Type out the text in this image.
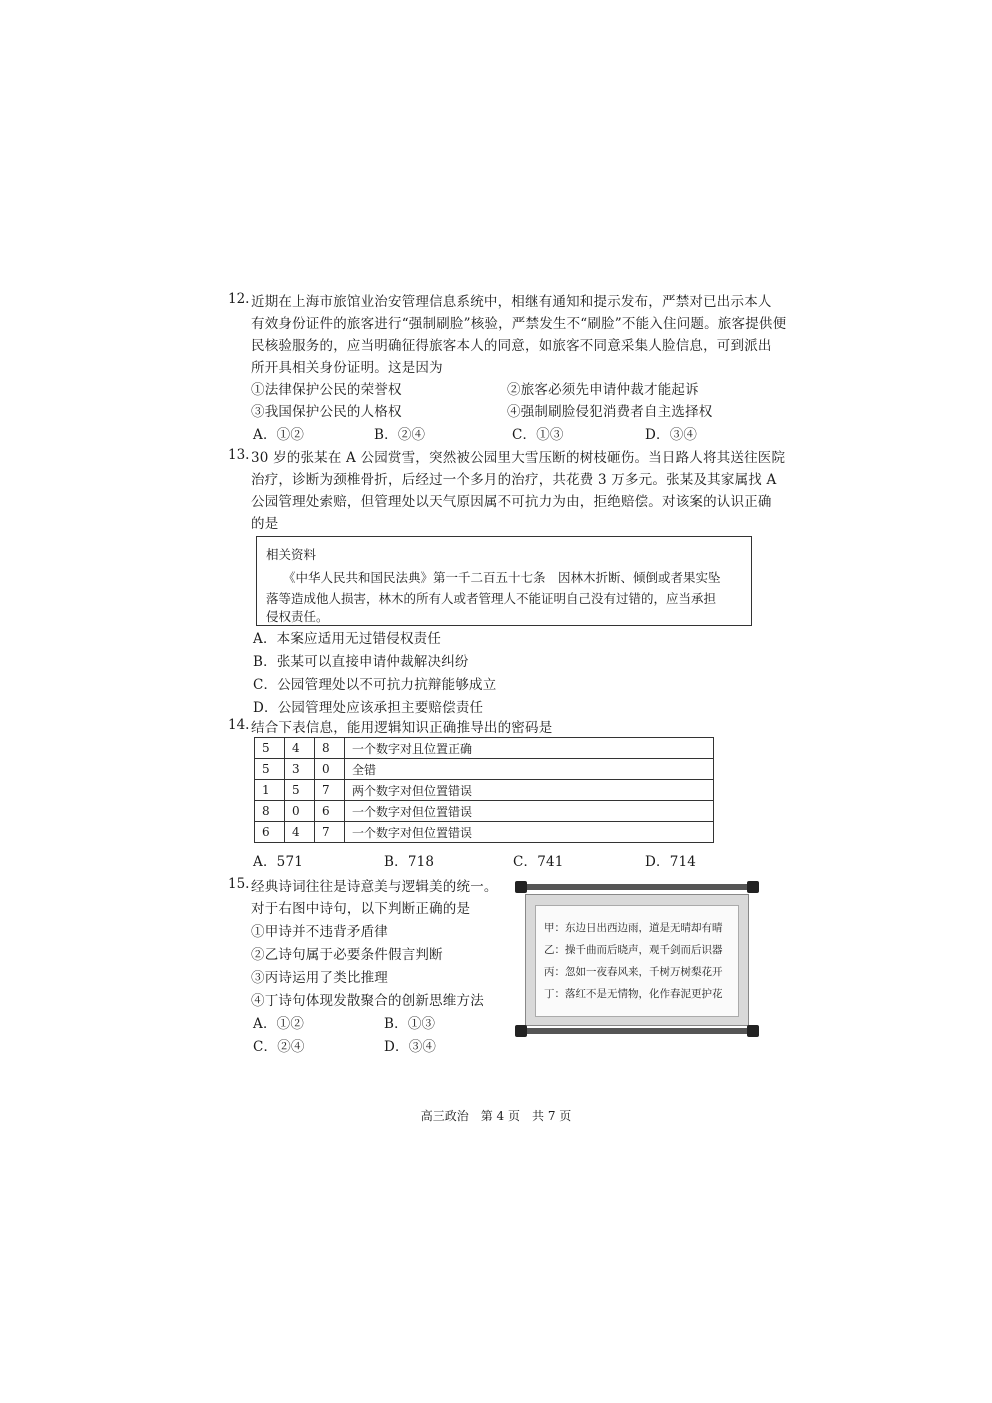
12. 近期在上海市旅馆业治安管理信息系统中，相继有通知和提示发布，严禁对已出示本人
有效身份证件的旅客进行“强制刷脸”核验，严禁发生不“刷脸”不能入住问题。旅客提供便
民核验服务的，应当明确征得旅客本人的同意，如旅客不同意采集人脸信息，可到派出
所开具相关身份证明。这是因为
①法律保护公民的荣誉权	②旅客必须先申请仲裁才能起诉
③我国保护公民的人格权	④强制刷脸侵犯消费者自主选择权
A．①②	B．②④	C．①③	D．③④
13. 30 岁的张某在 A 公园赏雪，突然被公园里大雪压断的树枝砸伤。当日路人将其送往医院
治疗，诊断为颈椎骨折，后经过一个多月的治疗，共花费 3 万多元。张某及其家属找 A
公园管理处索赔，但管理处以天气原因属不可抗力为由，拒绝赔偿。对该案的认识正确
的是
相关资料
《中华人民共和国民法典》第一千二百五十七条　因林木折断、倾倒或者果实坠
落等造成他人损害，林木的所有人或者管理人不能证明自己没有过错的，应当承担
侵权责任。
A．本案应适用无过错侵权责任
B．张某可以直接申请仲裁解决纠纷
C．公园管理处以不可抗力抗辩能够成立
D．公园管理处应该承担主要赔偿责任
14. 结合下表信息，能用逻辑知识正确推导出的密码是
5	4	8	一个数字对且位置正确
5	3	0	全错
1	5	7	两个数字对但位置错误
8	0	6	一个数字对但位置错误
6	4	7	一个数字对但位置错误
A．571	B．718	C．741	D．714
15. 经典诗词往往是诗意美与逻辑美的统一。
对于右图中诗句，以下判断正确的是
①甲诗并不违背矛盾律
②乙诗句属于必要条件假言判断
③丙诗运用了类比推理
④丁诗句体现发散聚合的创新思维方法
A．①②	B．①③
C．②④	D．③④
甲：东边日出西边雨，道是无晴却有晴
乙：操千曲而后晓声，观千剑而后识器
丙：忽如一夜春风来，千树万树梨花开
丁：落红不是无情物，化作春泥更护花
高三政治　第 4 页　共 7 页
